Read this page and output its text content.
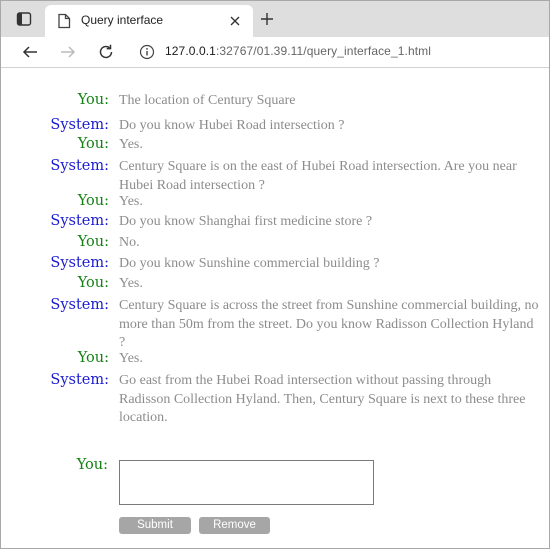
Query interface
127.0.0.1:32767/01.39.11/query_interface_1.html
You: The location of Century Square
System: Do you know Hubei Road intersection ?
You: Yes.
System: Century Square is on the east of Hubei Road intersection. Are you near Hubei Road intersection ?
You: Yes.
System: Do you know Shanghai first medicine store ?
You: No.
System: Do you know Sunshine commercial building ?
You: Yes.
System: Century Square is across the street from Sunshine commercial building, no more than 50m from the street. Do you know Radisson Collection Hyland ?
You: Yes.
System: Go east from the Hubei Road intersection without passing through Radisson Collection Hyland. Then, Century Square is next to these three location.
You:
Submit	Remove
